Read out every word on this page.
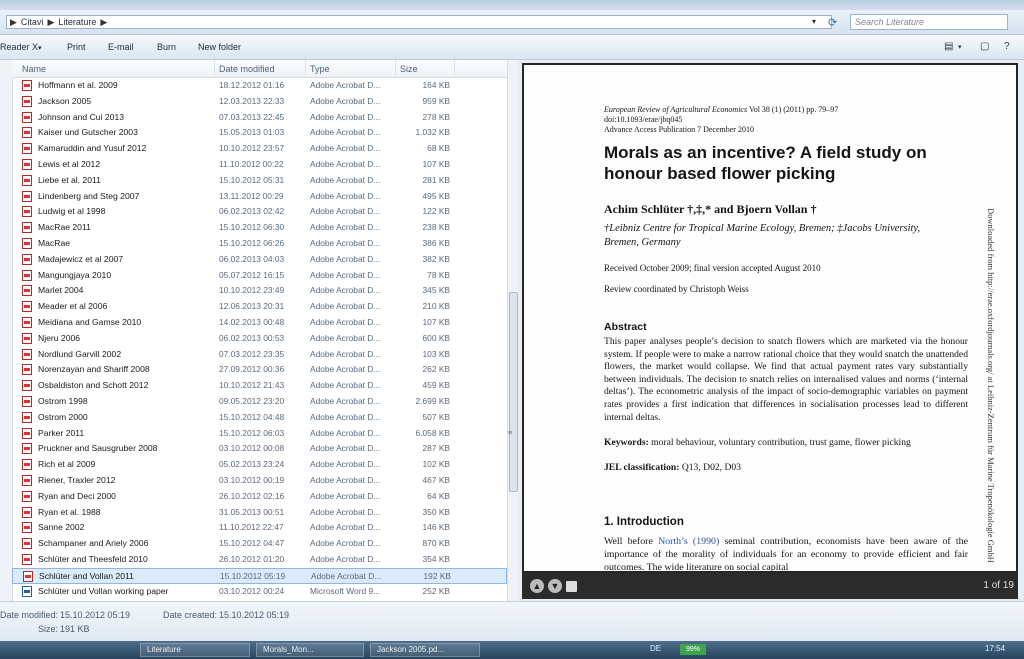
▶ Citavi ▶ Literature ▶	▾ ⟳	Search Literature
Reader X ▾	Print E-mail	Burn New folder	▤ ▾ ▢ ?
Name	Date modified	Type	Size
Hoffmann et al. 2009	18.12.2012 01:16	Adobe Acrobat D...	164 KB
Jackson 2005	12.03.2013 22:33	Adobe Acrobat D...	959 KB
Johnson and Cui 2013	07.03.2013 22:45	Adobe Acrobat D...	278 KB
Kaiser und Gutscher 2003	15.05.2013 01:03	Adobe Acrobat D...	1.032 KB
Kamaruddin and Yusuf 2012	10.10.2012 23:57	Adobe Acrobat D...	68 KB
Lewis et al 2012	11.10.2012 00:22	Adobe Acrobat D...	107 KB
Liebe et al. 2011	15.10.2012 05:31	Adobe Acrobat D...	281 KB
Lindenberg and Steg 2007	13.11.2012 00:29	Adobe Acrobat D...	495 KB
Ludwig et al 1998	06.02.2013 02:42	Adobe Acrobat D...	122 KB
MacRae 2011	15.10.2012 06:30	Adobe Acrobat D...	238 KB
MacRae	15.10.2012 06:26	Adobe Acrobat D...	386 KB
Madajewicz et al 2007	06.02.2013 04:03	Adobe Acrobat D...	382 KB
Mangungjaya 2010	05.07.2012 16:15	Adobe Acrobat D...	78 KB
Marlet 2004	10.10.2012 23:49	Adobe Acrobat D...	345 KB
Meader et al 2006	12.06.2013 20:31	Adobe Acrobat D...	210 KB
Meidiana and Gamse 2010	14.02.2013 00:48	Adobe Acrobat D...	107 KB
Njeru 2006	06.02.2013 00:53	Adobe Acrobat D...	600 KB
Nordlund Garvill 2002	07.03.2012 23:35	Adobe Acrobat D...	103 KB
Norenzayan and Shariff 2008	27.09.2012 00:36	Adobe Acrobat D...	262 KB
Osbaldiston and Schott 2012	10.10.2012 21:43	Adobe Acrobat D...	459 KB
Ostrom 1998	09.05.2012 23:20	Adobe Acrobat D...	2.699 KB
Ostrom 2000	15.10.2012 04:48	Adobe Acrobat D...	507 KB
Parker 2011	15.10.2012 06:03	Adobe Acrobat D...	6.058 KB
Pruckner and Sausgruber 2008	03.10.2012 00:08	Adobe Acrobat D...	287 KB
Rich et al 2009	05.02.2013 23:24	Adobe Acrobat D...	102 KB
Riener, Traxler 2012	03.10.2012 00:19	Adobe Acrobat D...	467 KB
Ryan and Deci 2000	26.10.2012 02:16	Adobe Acrobat D...	64 KB
Ryan et al. 1988	31.05.2013 00:51	Adobe Acrobat D...	350 KB
Sanne 2002	11.10.2012 22:47	Adobe Acrobat D...	146 KB
Schampaner and Ariely 2006	15.10.2012 04:47	Adobe Acrobat D...	870 KB
Schlüter and Theesfeld 2010	26.10.2012 01:20	Adobe Acrobat D...	354 KB
Schlüter and Vollan 2011	15.10.2012 05:19	Adobe Acrobat D...	192 KB
Schlüter und Vollan working paper	03.10.2012 00:24	Microsoft Word 9...	252 KB
≡
European Review of Agricultural Economics Vol 38 (1) (2011) pp. 79–97
doi:10.1093/erae/jbq045
Advance Access Publication 7 December 2010
Morals as an incentive? A field study on honour based flower picking
Achim Schlüter †,‡,* and Bjoern Vollan †
†Leibniz Centre for Tropical Marine Ecology, Bremen; ‡Jacobs University, Bremen, Germany
Received October 2009; final version accepted August 2010
Review coordinated by Christoph Weiss
Abstract
This paper analyses people’s decision to snatch flowers which are marketed via the honour system. If people were to make a narrow rational choice that they would snatch the unattended flowers, the market would collapse. We find that actual payment rates vary substantially between individuals. The decision to snatch relies on internalised values and norms (‘internal deltas’). The econometric analysis of the impact of socio-demographic variables on payment rates provides a first indication that differences in socialisation processes lead to different internal deltas.
Keywords: moral behaviour, voluntary contribution, trust game, flower picking
JEL classification: Q13, D02, D03
1. Introduction
Well before North’s (1990) seminal contribution, economists have been aware of the importance of the morality of individuals for an economy to provide efficient and fair outcomes. The wide literature on social capital
Downloaded from http://erae.oxfordjournals.org/ at Leibniz-Zentrum für Marine Tropenökologie GmbH
▲ ▼	1 of 19
Date modified: 15.10.2012 05:19	Date created: 15.10.2012 05:19
Size: 191 KB
Literature	Morals_Mon...	Jackson 2005.pd...	99%
DE	17:54
